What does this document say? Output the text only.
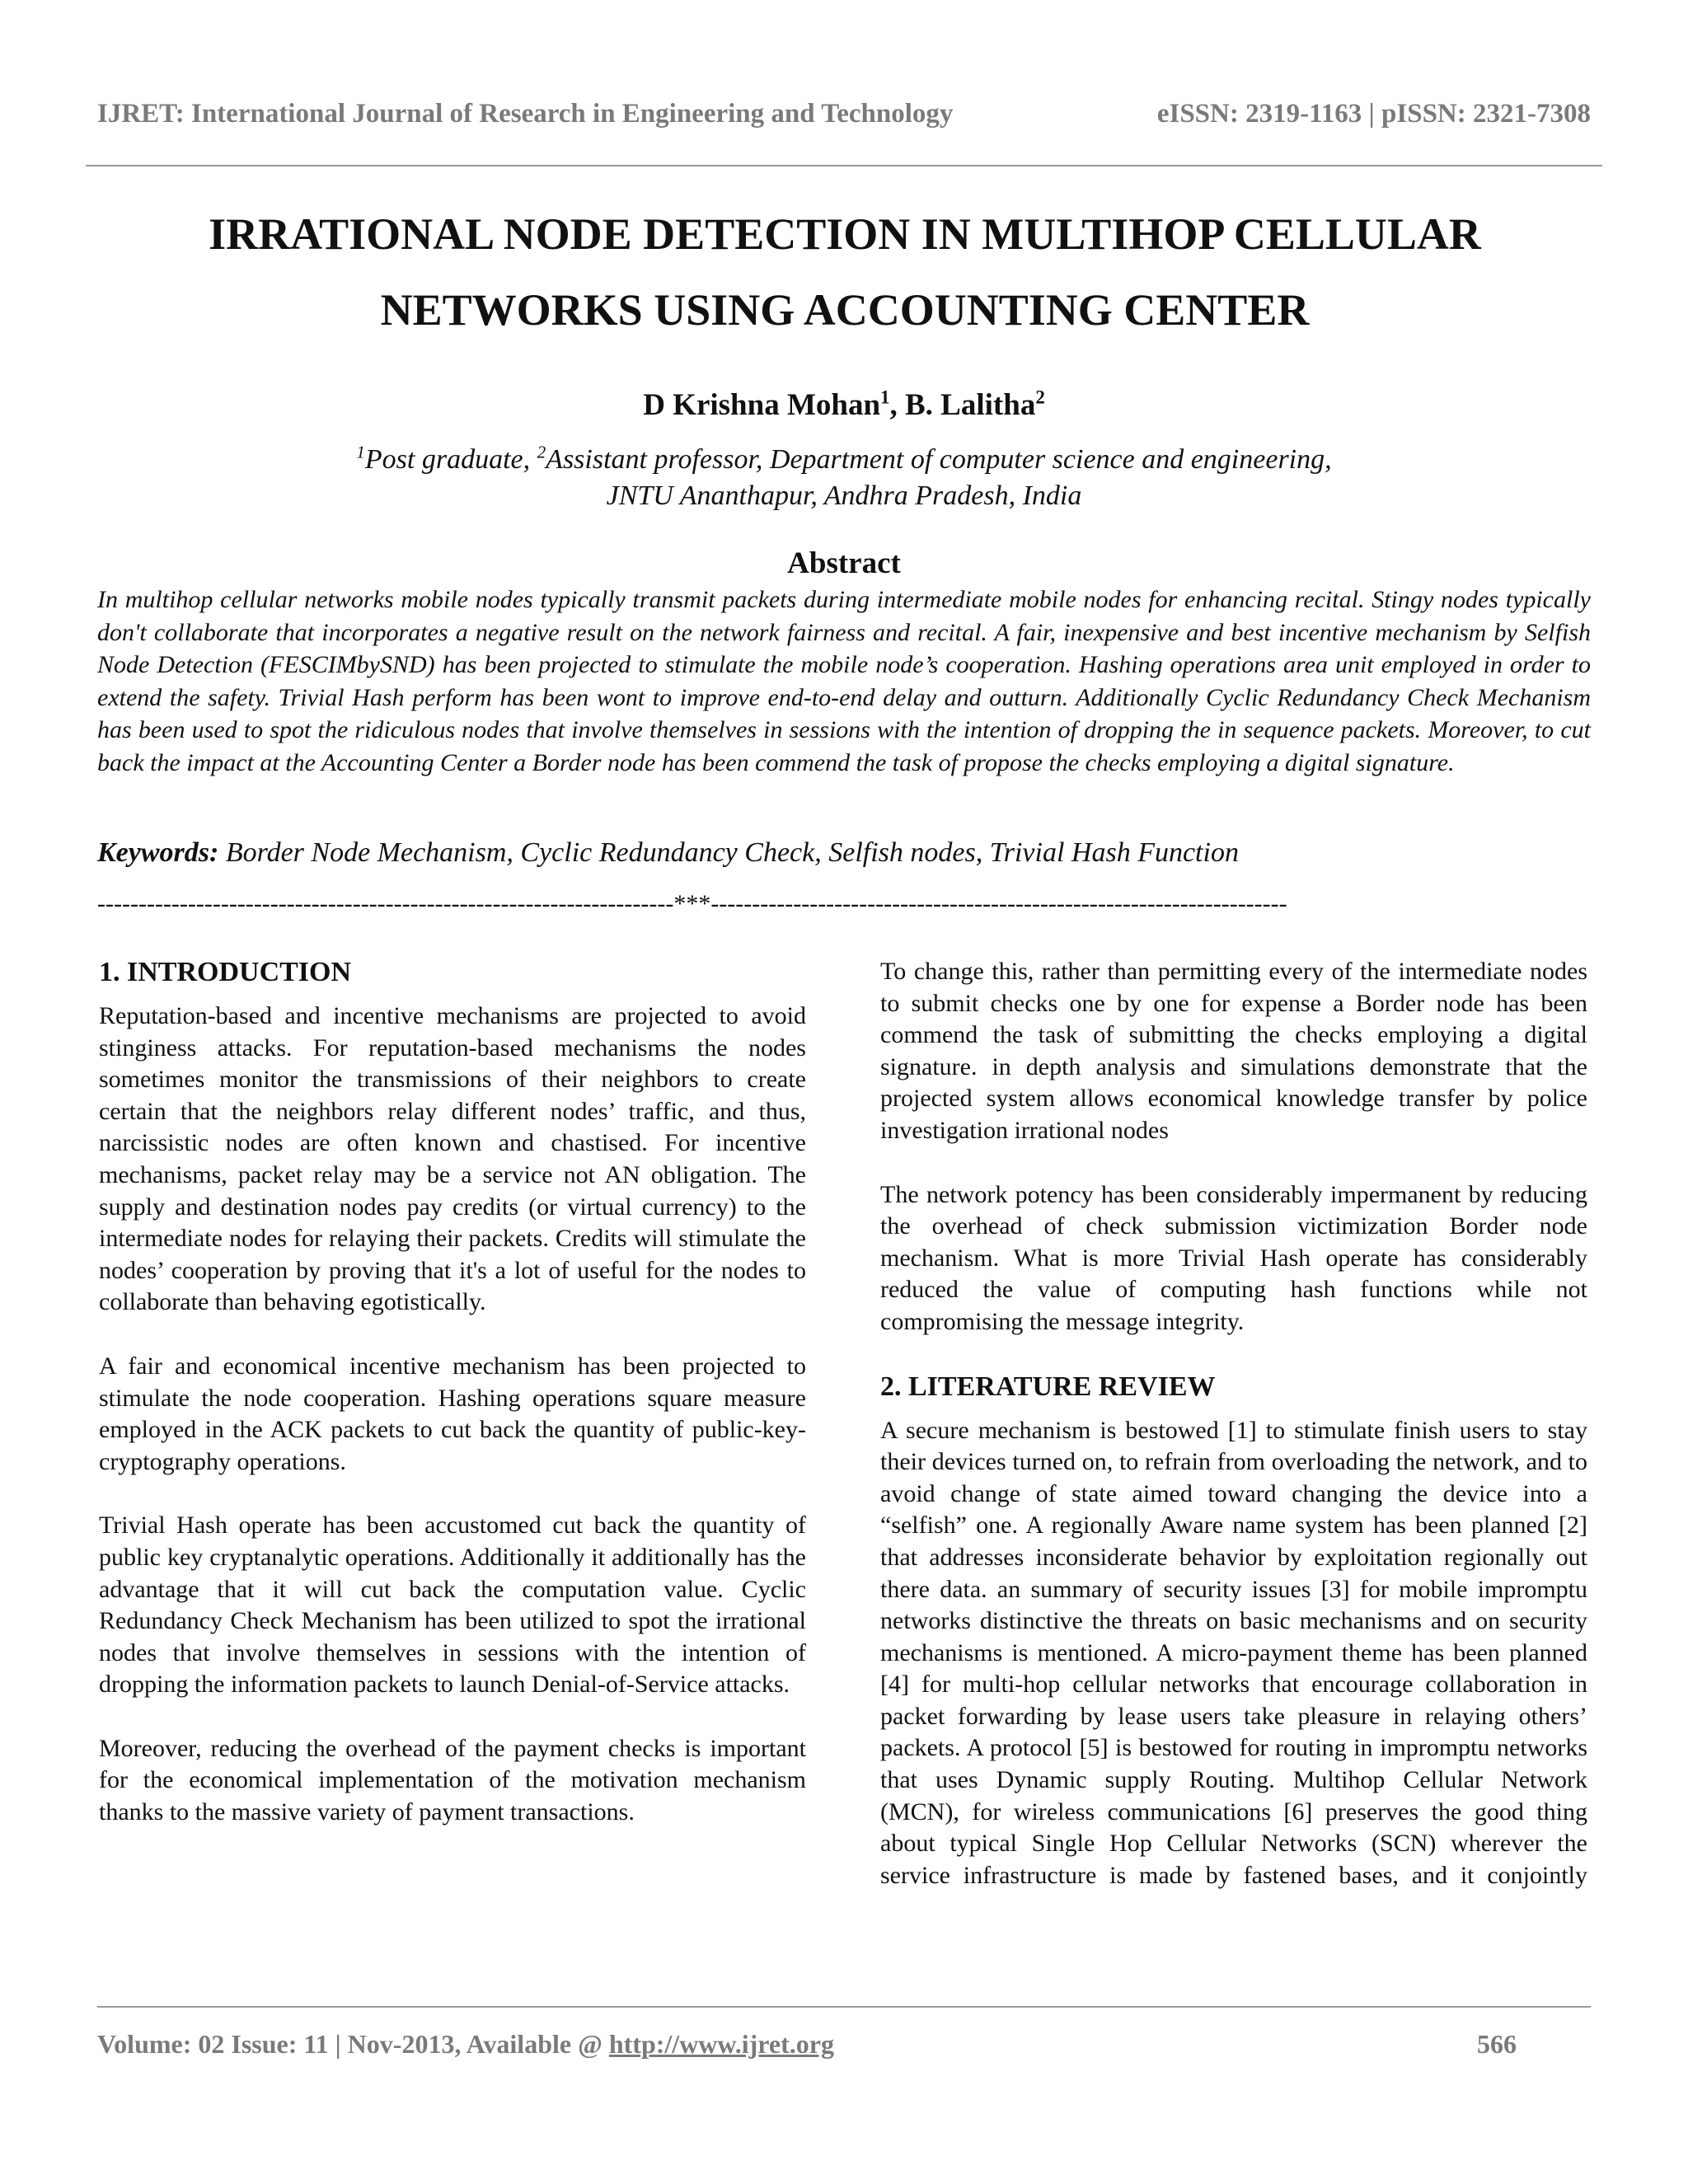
IJRET: International Journal of Research in Engineering and Technology	eISSN: 2319-1163 | pISSN: 2321-7308
IRRATIONAL NODE DETECTION IN MULTIHOP CELLULAR
NETWORKS USING ACCOUNTING CENTER
D Krishna Mohan$^1$, B. Lalitha$^2$
$^1$Post graduate, $^2$Assistant professor, Department of computer science and engineering,
JNTU Ananthapur, Andhra Pradesh, India
Abstract

In multihop cellular networks mobile nodes typically transmit packets during intermediate mobile nodes for enhancing recital. Stingy nodes typically don't collaborate that incorporates a negative result on the network fairness and recital. A fair, inexpensive and best incentive mechanism by Selfish Node Detection (FESCIMbySND) has been projected to stimulate the mobile node’s cooperation. Hashing operations area unit employed in order to extend the safety. Trivial Hash perform has been wont to improve end-to-end delay and outturn. Additionally Cyclic Redundancy Check Mechanism has been used to spot the ridiculous nodes that involve themselves in sessions with the intention of dropping the in sequence packets. Moreover, to cut back the impact at the Accounting Center a Border node has been commend the task of propose the checks employing a digital signature.

Keywords: Border Node Mechanism, Cyclic Redundancy Check, Selfish nodes, Trivial Hash Function
----------------------------------------------------------------------***----------------------------------------------------------------------
1. INTRODUCTION

Reputation-based and incentive mechanisms are projected to avoid stinginess attacks. For reputation-based mechanisms the nodes sometimes monitor the transmissions of their neighbors to create certain that the neighbors relay different nodes’ traffic, and thus, narcissistic nodes are often known and chastised. For incentive mechanisms, packet relay may be a service not AN obligation. The supply and destination nodes pay credits (or virtual currency) to the intermediate nodes for relaying their packets. Credits will stimulate the nodes’ cooperation by proving that it's a lot of useful for the nodes to collaborate than behaving egotistically.

A fair and economical incentive mechanism has been projected to stimulate the node cooperation. Hashing operations square measure employed in the ACK packets to cut back the quantity of public-key- cryptography operations.

Trivial Hash operate has been accustomed cut back the quantity of public key cryptanalytic operations. Additionally it additionally has the advantage that it will cut back the computation value. Cyclic Redundancy Check Mechanism has been utilized to spot the irrational nodes that involve themselves in sessions with the intention of dropping the information packets to launch Denial-of-Service attacks.

Moreover, reducing the overhead of the payment checks is important for the economical implementation of the motivation mechanism thanks to the massive variety of payment transactions.

To change this, rather than permitting every of the intermediate nodes to submit checks one by one for expense a Border node has been commend the task of submitting the checks employing a digital signature. in depth analysis and simulations demonstrate that the projected system allows economical knowledge transfer by police investigation irrational nodes

The network potency has been considerably impermanent by reducing the overhead of check submission victimization Border node mechanism. What is more Trivial Hash operate has considerably reduced the value of computing hash functions while not compromising the message integrity.

2. LITERATURE REVIEW

A secure mechanism is bestowed [1] to stimulate finish users to stay their devices turned on, to refrain from overloading the network, and to avoid change of state aimed toward changing the device into a “selfish” one. A regionally Aware name system has been planned [2] that addresses inconsiderate behavior by exploitation regionally out there data. an summary of security issues [3] for mobile impromptu networks distinctive the threats on basic mechanisms and on security mechanisms is mentioned. A micro-payment theme has been planned [4] for multi-hop cellular networks that encourage collaboration in packet forwarding by lease users take pleasure in relaying others’ packets. A protocol [5] is bestowed for routing in impromptu networks that uses Dynamic supply Routing. Multihop Cellular Network (MCN), for wireless communications [6] preserves the good thing about typical Single Hop Cellular Networks (SCN) wherever the service infrastructure is made by fastened bases, and it conjointly

Volume: 02 Issue: 11 | Nov-2013, Available @ http://www.ijret.org	566
